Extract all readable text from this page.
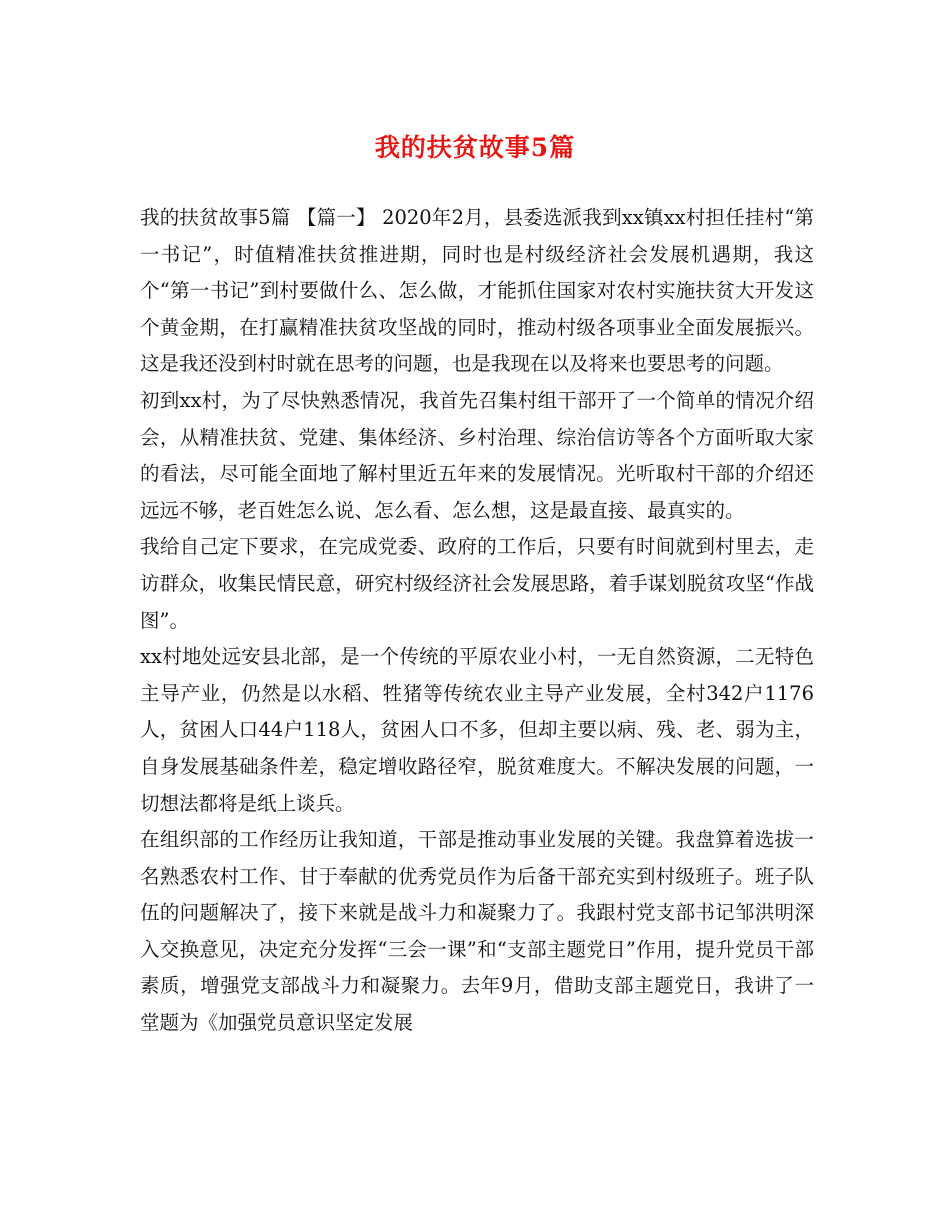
我的扶贫故事5篇

我的扶贫故事5篇 【篇一】 2020年2月，县委选派我到xx镇xx村担任挂村“第一书记”，时值精准扶贫推进期，同时也是村级经济社会发展机遇期，我这个“第一书记”到村要做什么、怎么做，才能抓住国家对农村实施扶贫大开发这个黄金期，在打赢精准扶贫攻坚战的同时，推动村级各项事业全面发展振兴。这是我还没到村时就在思考的问题，也是我现在以及将来也要思考的问题。

初到xx村，为了尽快熟悉情况，我首先召集村组干部开了一个简单的情况介绍会，从精准扶贫、党建、集体经济、乡村治理、综治信访等各个方面听取大家的看法，尽可能全面地了解村里近五年来的发展情况。光听取村干部的介绍还远远不够，老百姓怎么说、怎么看、怎么想，这是最直接、最真实的。

我给自己定下要求，在完成党委、政府的工作后，只要有时间就到村里去，走访群众，收集民情民意，研究村级经济社会发展思路，着手谋划脱贫攻坚“作战图”。

xx村地处远安县北部，是一个传统的平原农业小村，一无自然资源，二无特色主导产业，仍然是以水稻、牲猪等传统农业主导产业发展，全村342户1176人，贫困人口44户118人，贫困人口不多，但却主要以病、残、老、弱为主，自身发展基础条件差，稳定增收路径窄，脱贫难度大。不解决发展的问题，一切想法都将是纸上谈兵。

在组织部的工作经历让我知道，干部是推动事业发展的关键。我盘算着选拔一名熟悉农村工作、甘于奉献的优秀党员作为后备干部充实到村级班子。班子队伍的问题解决了，接下来就是战斗力和凝聚力了。我跟村党支部书记邹洪明深入交换意见，决定充分发挥“三会一课”和“支部主题党日”作用，提升党员干部素质，增强党支部战斗力和凝聚力。去年9月，借助支部主题党日，我讲了一堂题为《加强党员意识坚定发展
